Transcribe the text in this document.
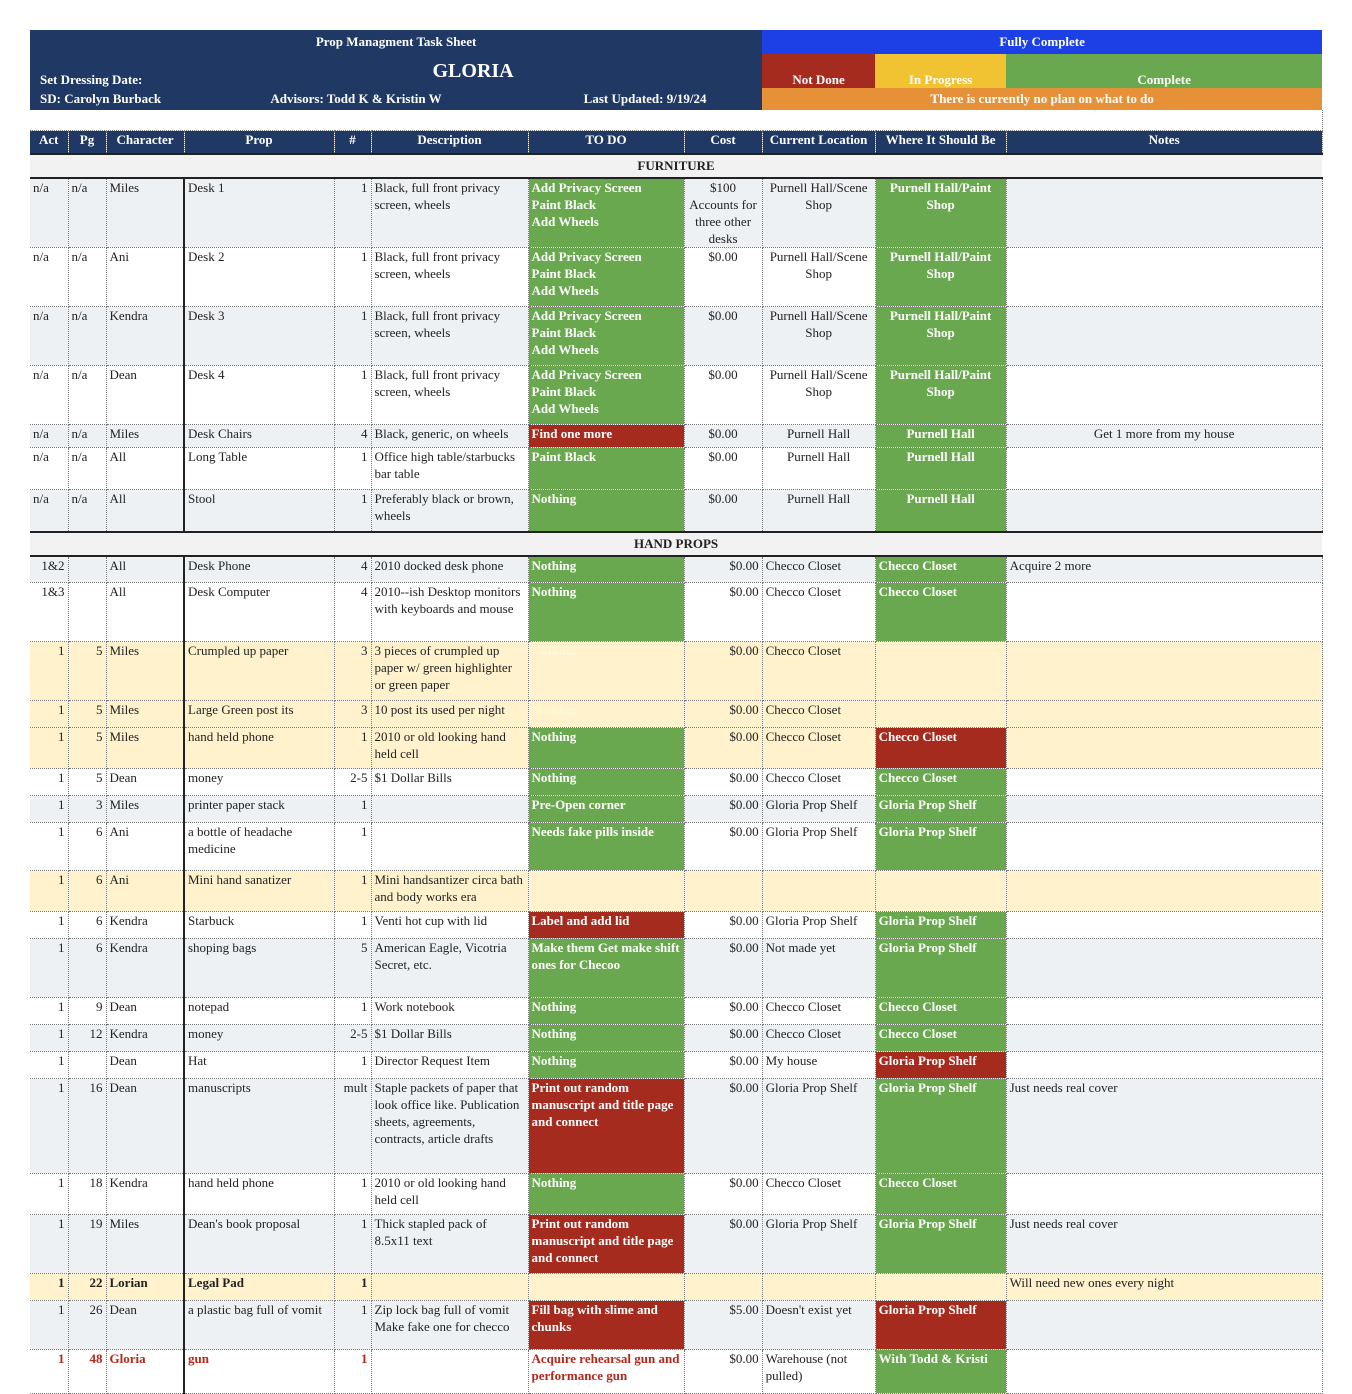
Prop Managment Task Sheet								Fully Complete		
Set Dressing Date:			GLORIA					Not Done	In Progress	Complete
SD: Carolyn Burback			Advisors: Todd K & Kristin W			Last Updated: 9/19/24		There is currently no plan on what to do		

Act	Pg	Character	Prop	#	Description	TO DO	Cost	Current Location	Where It Should Be	Notes
FURNITURE										
n/a	n/a	Miles	Desk 1	1	Black, full front privacy screen, wheels	Add Privacy Screen
Paint Black
Add Wheels	$100 Accounts for three other desks	Purnell Hall/Scene Shop	Purnell Hall/Paint Shop	
n/a	n/a	Ani	Desk 2	1	Black, full front privacy screen, wheels	Add Privacy Screen
Paint Black
Add Wheels	$0.00	Purnell Hall/Scene Shop	Purnell Hall/Paint Shop	
n/a	n/a	Kendra	Desk 3	1	Black, full front privacy screen, wheels	Add Privacy Screen
Paint Black
Add Wheels	$0.00	Purnell Hall/Scene Shop	Purnell Hall/Paint Shop	
n/a	n/a	Dean	Desk 4	1	Black, full front privacy screen, wheels	Add Privacy Screen
Paint Black
Add Wheels	$0.00	Purnell Hall/Scene Shop	Purnell Hall/Paint Shop	
n/a	n/a	Miles	Desk Chairs	4	Black, generic, on wheels	Find one more	$0.00	Purnell Hall	Purnell Hall	Get 1 more from my house
n/a	n/a	All	Long Table	1	Office high table/starbucks bar table	Paint Black	$0.00	Purnell Hall	Purnell Hall	
n/a	n/a	All	Stool	1	Preferably black or brown, wheels	Nothing	$0.00	Purnell Hall	Purnell Hall	
HAND PROPS										
1&2		All	Desk Phone	4	2010 docked desk phone	Nothing	$0.00	Checco Closet	Checco Closet	Acquire 2 more
1&3		All	Desk Computer	4	2010--ish Desktop monitors with keyboards and mouse	Nothing	$0.00	Checco Closet	Checco Closet	
1	5	Miles	Crumpled up paper	3	3 pieces of crumpled up paper w/ green highlighter or green paper	Nothing	$0.00	Checco Closet		
1	5	Miles	Large Green post its	3	10 post its used per night	Nothing	$0.00	Checco Closet		
1	5	Miles	hand held phone	1	2010 or old looking hand held cell	Nothing	$0.00	Checco Closet	Checco Closet	
1	5	Dean	money	2-5	$1 Dollar Bills	Nothing	$0.00	Checco Closet	Checco Closet	
1	3	Miles	printer paper stack	1		Pre-Open corner	$0.00	Gloria Prop Shelf	Gloria Prop Shelf	
1	6	Ani	a bottle of headache medicine	1		Needs fake pills inside	$0.00	Gloria Prop Shelf	Gloria Prop Shelf	
1	6	Ani	Mini hand sanatizer	1	Mini handsantizer circa bath and body works era					
1	6	Kendra	Starbuck	1	Venti hot cup with lid	Label and add lid	$0.00	Gloria Prop Shelf	Gloria Prop Shelf	
1	6	Kendra	shoping bags	5	American Eagle, Vicotria Secret, etc.	Make them Get make shift ones for Checoo	$0.00	Not made yet	Gloria Prop Shelf	
1	9	Dean	notepad	1	Work notebook	Nothing	$0.00	Checco Closet	Checco Closet	
1	12	Kendra	money	2-5	$1 Dollar Bills	Nothing	$0.00	Checco Closet	Checco Closet	
1		Dean	Hat	1	Director Request Item	Nothing	$0.00	My house	Gloria Prop Shelf	
1	16	Dean	manuscripts	mult	Staple packets of paper that look office like. Publication sheets, agreements, contracts, article drafts	Print out random manuscript and title page and connect	$0.00	Gloria Prop Shelf	Gloria Prop Shelf	Just needs real cover
1	18	Kendra	hand held phone	1	2010 or old looking hand held cell	Nothing	$0.00	Checco Closet	Checco Closet	
1	19	Miles	Dean's book proposal	1	Thick stapled pack of 8.5x11 text	Print out random manuscript and title page and connect	$0.00	Gloria Prop Shelf	Gloria Prop Shelf	Just needs real cover
1	22	Lorian	Legal Pad	1						Will need new ones every night
1	26	Dean	a plastic bag full of vomit	1	Zip lock bag full of vomit Make fake one for checco	Fill bag with slime and chunks	$5.00	Doesn't exist yet	Gloria Prop Shelf	
1	48	Gloria	gun	1		Acquire rehearsal gun and performance gun	$0.00	Warehouse (not pulled)	With Todd & Kristi	
